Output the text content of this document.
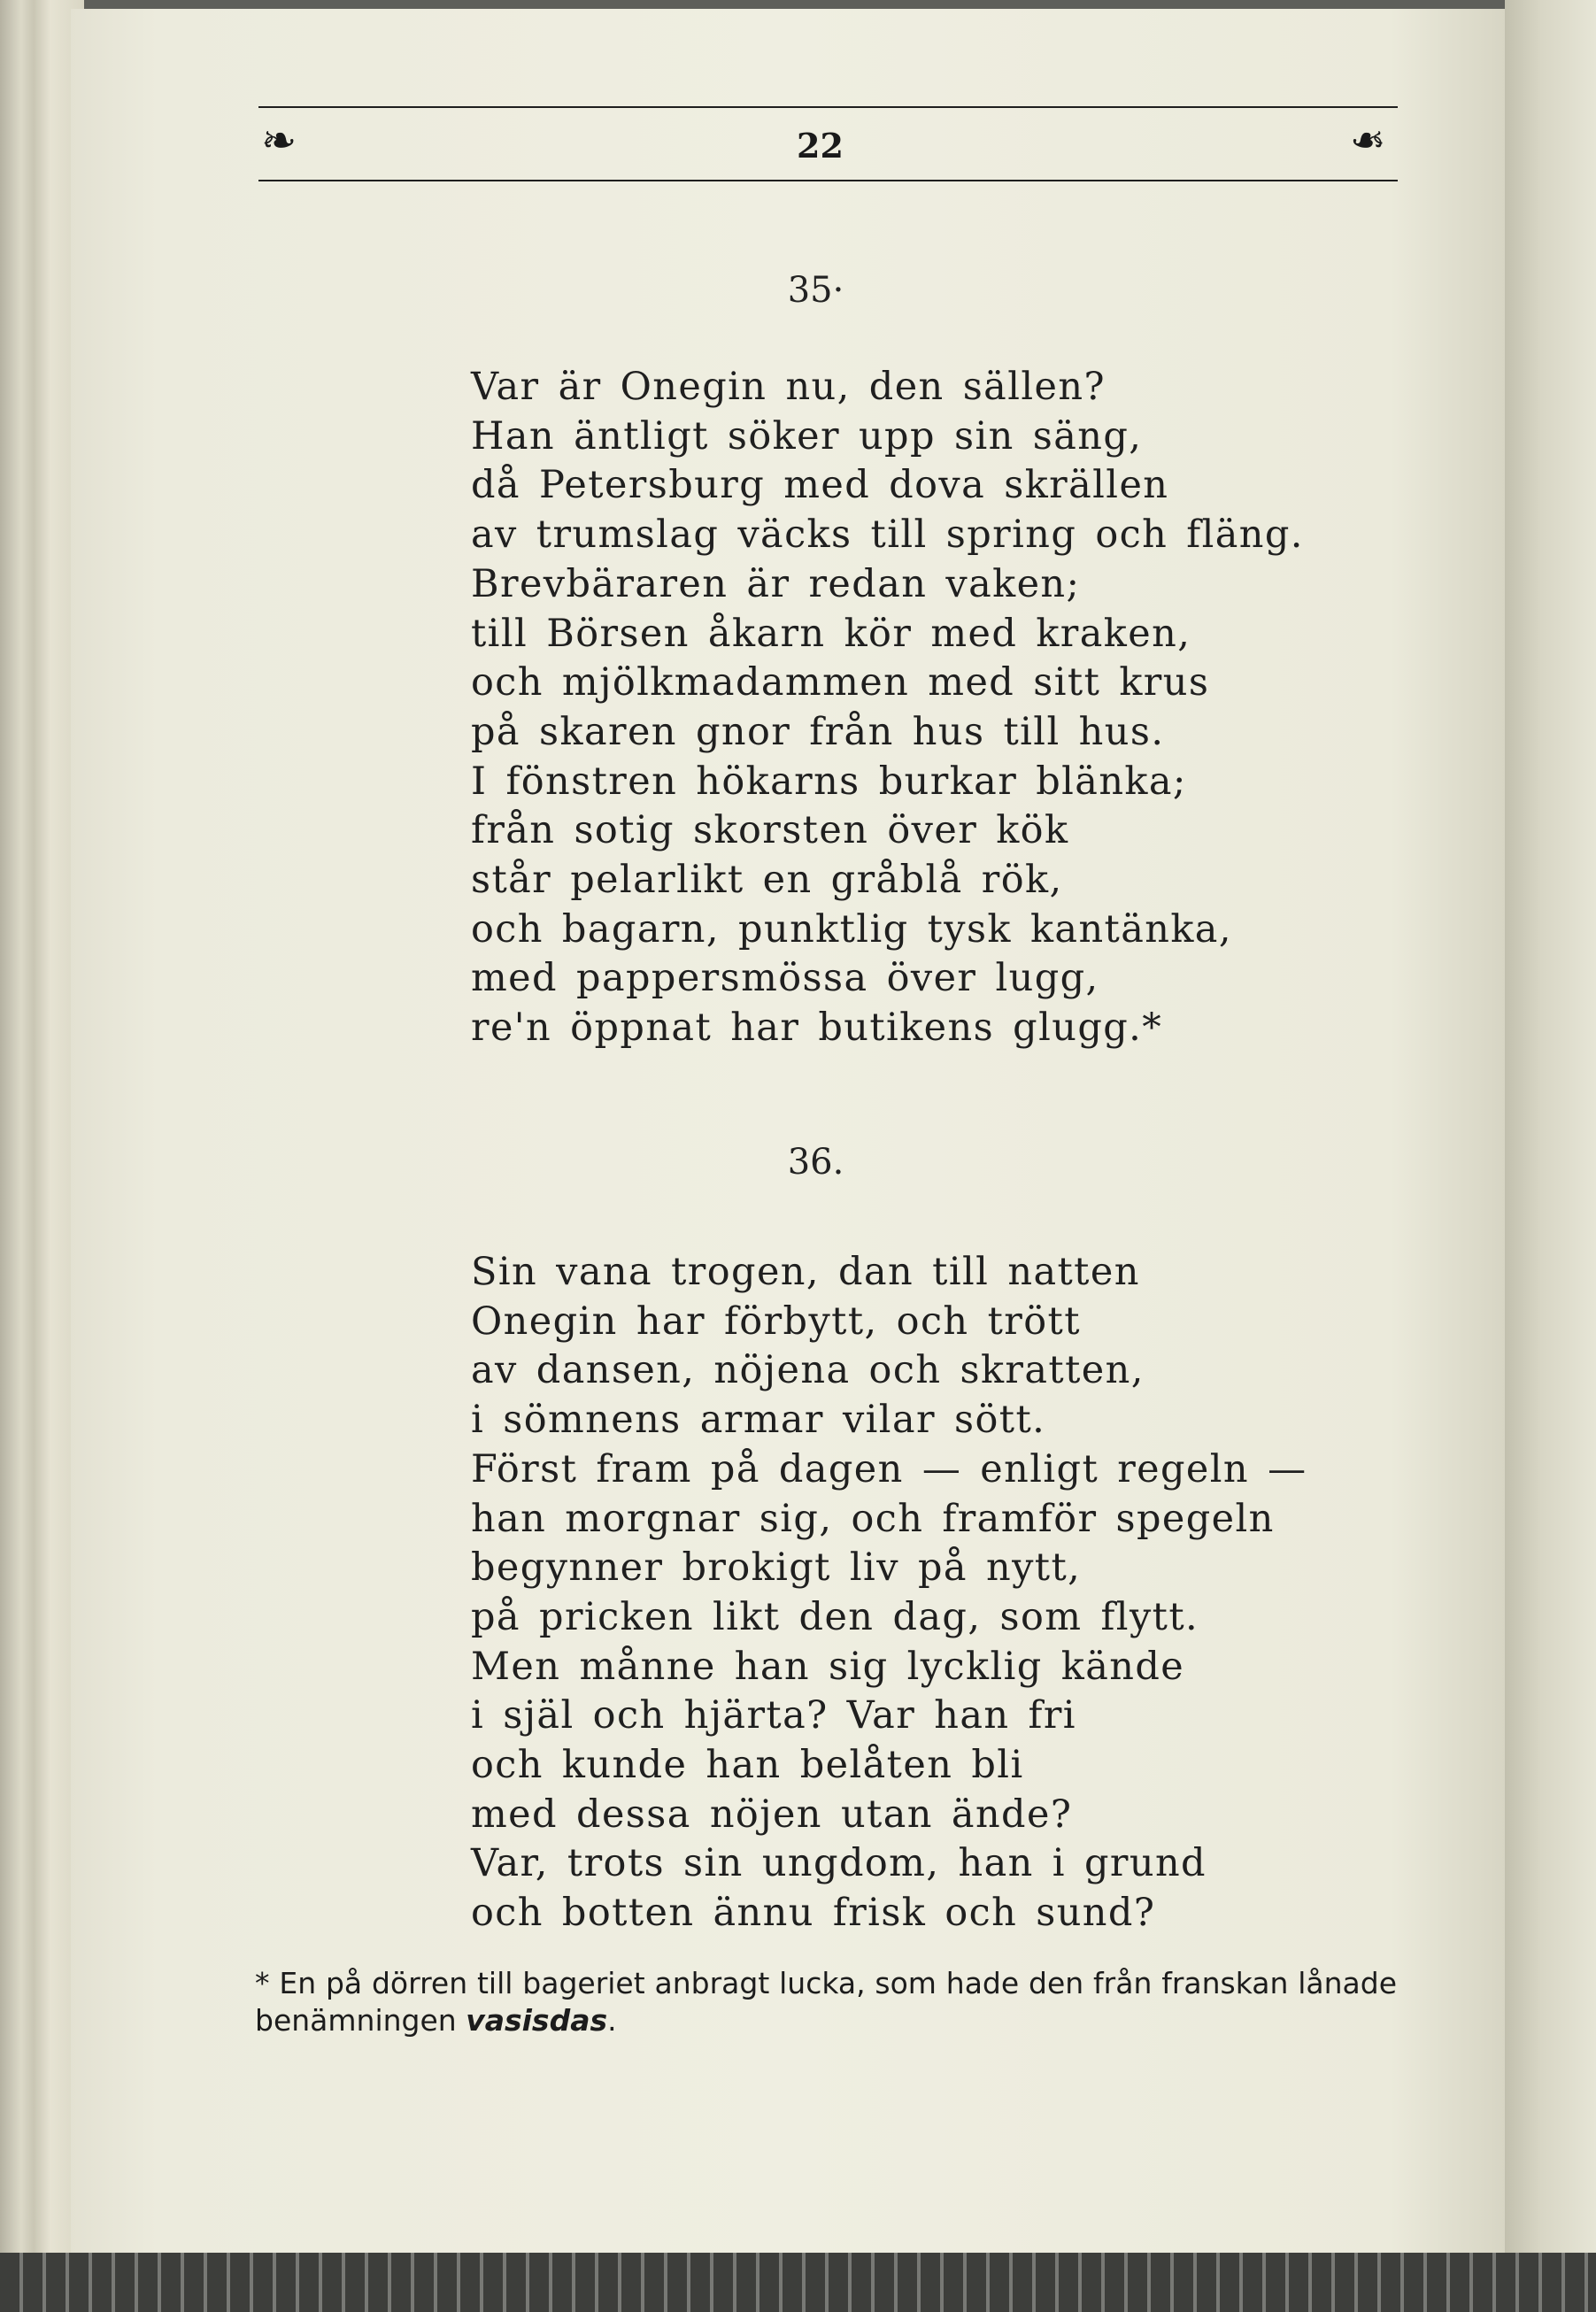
❧	22	❧
35·
Var är Onegin nu, den sällen?
Han äntligt söker upp sin säng,
då Petersburg med dova skrällen
av trumslag väcks till spring och fläng.
Brevbäraren är redan vaken;
till Börsen åkarn kör med kraken,
och mjölkmadammen med sitt krus
på skaren gnor från hus till hus.
I fönstren hökarns burkar blänka;
från sotig skorsten över kök
står pelarlikt en gråblå rök,
och bagarn, punktlig tysk kantänka,
med pappersmössa över lugg,
re'n öppnat har butikens glugg.*
36.
Sin vana trogen, dan till natten
Onegin har förbytt, och trött
av dansen, nöjena och skratten,
i sömnens armar vilar sött.
Först fram på dagen — enligt regeln —
han morgnar sig, och framför spegeln
begynner brokigt liv på nytt,
på pricken likt den dag, som flytt.
Men månne han sig lycklig kände
i själ och hjärta? Var han fri
och kunde han belåten bli
med dessa nöjen utan ände?
Var, trots sin ungdom, han i grund
och botten ännu frisk och sund?
* En på dörren till bageriet anbragt lucka, som hade den från franskan lånade benämningen vasisdas.
